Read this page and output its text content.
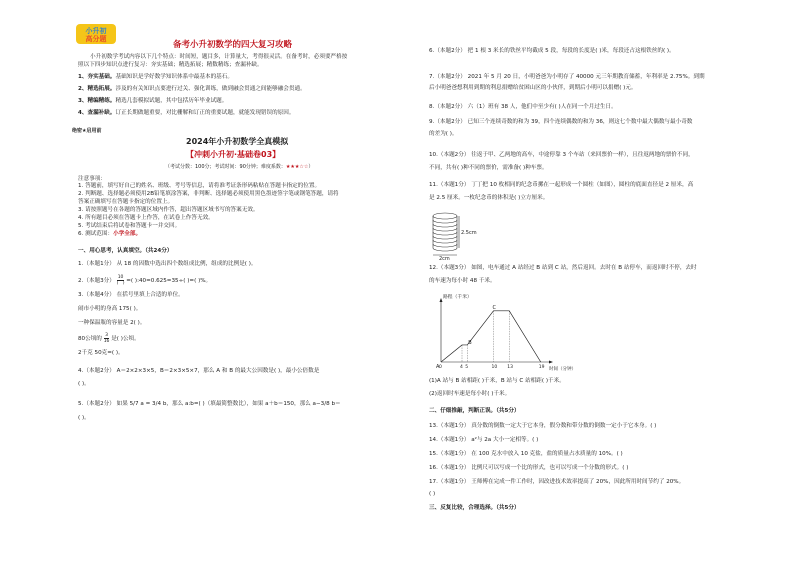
小升初
高分题
备考小升初数学的四大复习攻略
小升初数学考试内容以下几个特点：时间短，题目多，计算量大，考得很灵活。在备考时，必须要严格按
照以下四步知识点进行复习：夯实基础；精选拓展；精数精练；查漏补缺。
1、夯实基础。基础知识是学好数学知识体系中最基本的基石。
2、精选拓展。涉及的有关知识点要进行过关、强化训练，做到融会贯通之间能够融会贯通。
3、精编精练。精选几套模拟试题，其中包括历年毕业试题。
4、查漏补缺。订正长期做题重要，对比栅解和订正的重要试题，就能发现错误的原因。
绝密★启用前
2024年小升初数学全真模拟
【冲刺小升初·基础卷03】
（考试分数：100分；考试时间：90分钟；难度系数：★★★☆☆）
注意事项：
1. 答题前，填写好自己的姓名、班级、考号等信息，请将准考证条形码粘贴在答题卡指定的位置。
2. 判断题、选择题必须使用2B铅笔填涂答案，非判断、选择题必须使用黑色墨迹签字笔或钢笔答题，请将
答案正确填写在答题卡指定的位置上。
3. 请按照题号在各题的答题区域内作答，超出答题区域书写的答案无效。
4. 所有题目必须在答题卡上作答，在试卷上作答无效。
5. 考试结束后将试卷和答题卡一并交回。
6. 测试范围：小学全部。
一、用心思考，认真填空。（共24分）
1.（本题1分） 从 18 的因数中选出四个数组成比例，组成的比例是( )。
2.（本题3分） $\frac{10}{( )}$ =( ):40=0.625=35÷( )=( )%。
3.（本题4分） 在括号里填上合适的单位。
闹市小明的身高 175( )。
一种保温瓶的容量是 2( )。
80公顷的 $\frac{3}{16}$ 是( )公顷。
2千克 50克=( )。
4.（本题2分） A＝2×2×3×5，B＝2×3×5×7，那么 A 和 B 的最大公因数是( )，最小公倍数是
( )。
5.（本题2分） 如果 5/7 a = 3/4 b，那么 a:b=( )（填最简整数比），如果 a＋b＝150，那么 a−3/8 b＝
( )。
6.（本题2分） 把 1 根 3 米长的铁丝平均截成 5 段，每段的长度是( )米，每段还占这根铁丝的( )。
7.（本题2分） 2021 年 5 月 20 日，小明爸爸为小明存了 40000 元三年期教育储蓄，年利率是 2.75%。到期
后小明爸爸想利用到期的利息捐赠给贫困山区的小伙伴，到期后小明可以捐赠( )元。
8.（本题2分） 六（1）班有 38 人，他们中至少有( )人在同一个月过生日。
9.（本题2分） 已知三个连续奇数的和为 39，四个连续偶数的和为 36，则这七个数中最大偶数与最小奇数
的差为( )。
10.（本题2分） 往返于甲、乙两地的高车，中途停靠 3 个车站（来回票价一样），且往返两地的票价不同，
不同，共有( )种不同的票价，需准备( )种车票。
11.（本题1分） 丁丁把 10 枚相同的纪念币摞在一起形成一个圆柱（如图），圆柱的底面直径是 2 厘米，高
是 2.5 厘米。一枚纪念币的体积是( )立方厘米。
2.5cm
2cm
12.（本题3分） 如图，电车通过 A 站经过 B 站到 C 站，然后返回。去时在 B 站停车，而返回时不停，去时
的车速为每小时 48 千米。
路程（千米）
时间（分钟）
0	4 5	10 13	19
A
B
C
(1)A 站与 B 站相距( )千米，B 站与 C 站相距( )千米。
(2)返回时车速是每小时( )千米。
二、仔细推敲，判断正误。（共5分）
13.（本题1分） 真分数的倒数一定大于它本身，假分数和带分数的倒数一定小于它本身。( )
14.（本题1分） a²与 2a 大小一定相等。( )
15.（本题1分） 在 100 克水中放入 10 克盐，盐的质量占水质量的 10%。( )
16.（本题1分） 比例尺可以写成一个比的形式，也可以写成一个分数的形式。( )
17.（本题1分） 王师傅在完成一件工作时，因改进技术效率提高了 20%，因此所用时间节约了 20%。
( )
三、反复比较，合理选择。（共5分）
